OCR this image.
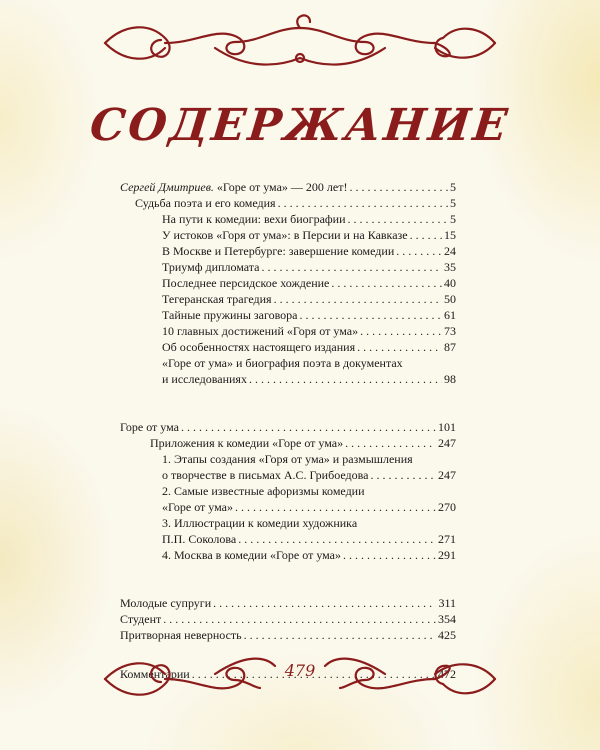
СОДЕРЖАНИЕ
Сергей Дмитриев. «Горе от ума» — 200 лет! . . .	5
Судьба поэта и его комедия . . .	5
На пути к комедии: вехи биографии . . .	5
У истоков «Горя от ума»: в Персии и на Кавказе . . .	15
В Москве и Петербурге: завершение комедии . . .	24
Триумф дипломата . . .	35
Последнее персидское хождение . . .	40
Тегеранская трагедия . . .	50
Тайные пружины заговора . . .	61
10 главных достижений «Горя от ума» . . .	73
Об особенностях настоящего издания . . .	87
«Горе от ума» и биография поэта в документах
и исследованиях . . .	98
Горе от ума . . .	101
Приложения к комедии «Горе от ума» . . .	247
1. Этапы создания «Горя от ума» и размышления
о творчестве в письмах А.С. Грибоедова . . .	247
2. Самые известные афоризмы комедии
«Горе от ума» . . .	270
3. Иллюстрации к комедии художника
П.П. Соколова . . .	271
4. Москва в комедии «Горе от ума» . . .	291
Молодые супруги . . .	311
Студент . . .	354
Притворная неверность . . .	425
Комментарии . . .	472
479
